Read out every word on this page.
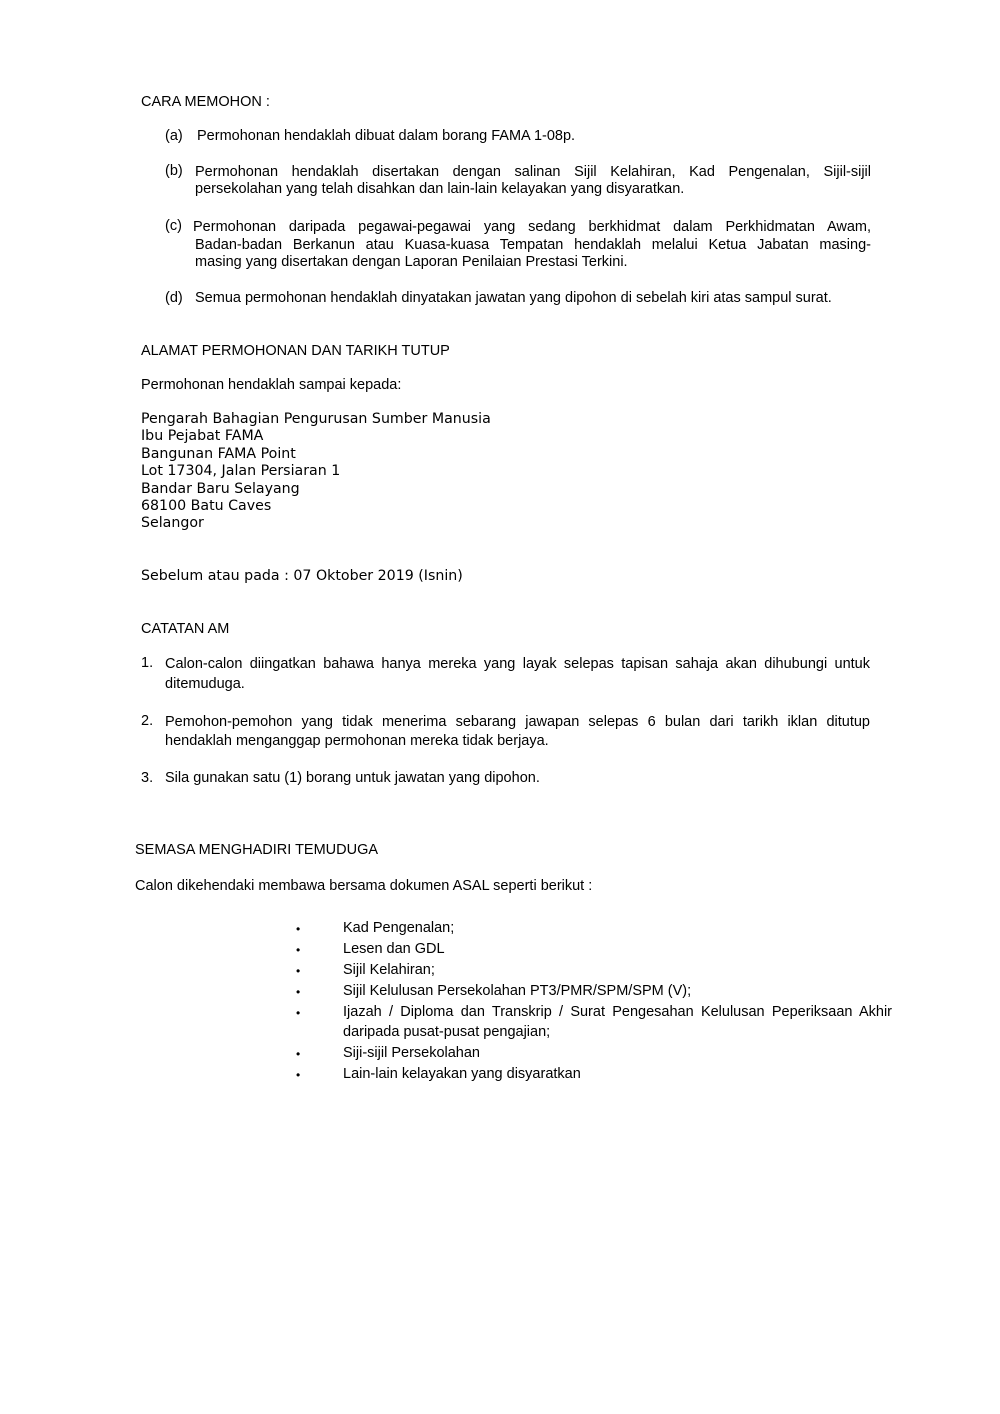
CARA MEMOHON :
(a) Permohonan hendaklah dibuat dalam borang FAMA 1-08p.
(b) Permohonan hendaklah disertakan dengan salinan Sijil Kelahiran, Kad Pengenalan, Sijil-sijil
persekolahan yang telah disahkan dan lain-lain kelayakan yang disyaratkan.
(c) Permohonan daripada pegawai-pegawai yang sedang berkhidmat dalam Perkhidmatan Awam,
Badan-badan Berkanun atau Kuasa-kuasa Tempatan hendaklah melalui Ketua Jabatan masing-
masing yang disertakan dengan Laporan Penilaian Prestasi Terkini.
(d) Semua permohonan hendaklah dinyatakan jawatan yang dipohon di sebelah kiri atas sampul surat.
ALAMAT PERMOHONAN DAN TARIKH TUTUP
Permohonan hendaklah sampai kepada:
Pengarah Bahagian Pengurusan Sumber Manusia
Ibu Pejabat FAMA
Bangunan FAMA Point
Lot 17304, Jalan Persiaran 1
Bandar Baru Selayang
68100 Batu Caves
Selangor
Sebelum atau pada : 07 Oktober 2019 (Isnin)
CATATAN AM
1. Calon-calon diingatkan bahawa hanya mereka yang layak selepas tapisan sahaja akan dihubungi untuk
ditemuduga.
2. Pemohon-pemohon yang tidak menerima sebarang jawapan selepas 6 bulan dari tarikh iklan ditutup
hendaklah menganggap permohonan mereka tidak berjaya.
3. Sila gunakan satu (1) borang untuk jawatan yang dipohon.
SEMASA MENGHADIRI TEMUDUGA
Calon dikehendaki membawa bersama dokumen ASAL seperti berikut :
•	Kad Pengenalan;
•	Lesen dan GDL
•	Sijil Kelahiran;
•	Sijil Kelulusan Persekolahan PT3/PMR/SPM/SPM (V);
•	Ijazah / Diploma dan Transkrip / Surat Pengesahan Kelulusan Peperiksaan Akhir
daripada pusat-pusat pengajian;
•	Siji-sijil Persekolahan
•	Lain-lain kelayakan yang disyaratkan
